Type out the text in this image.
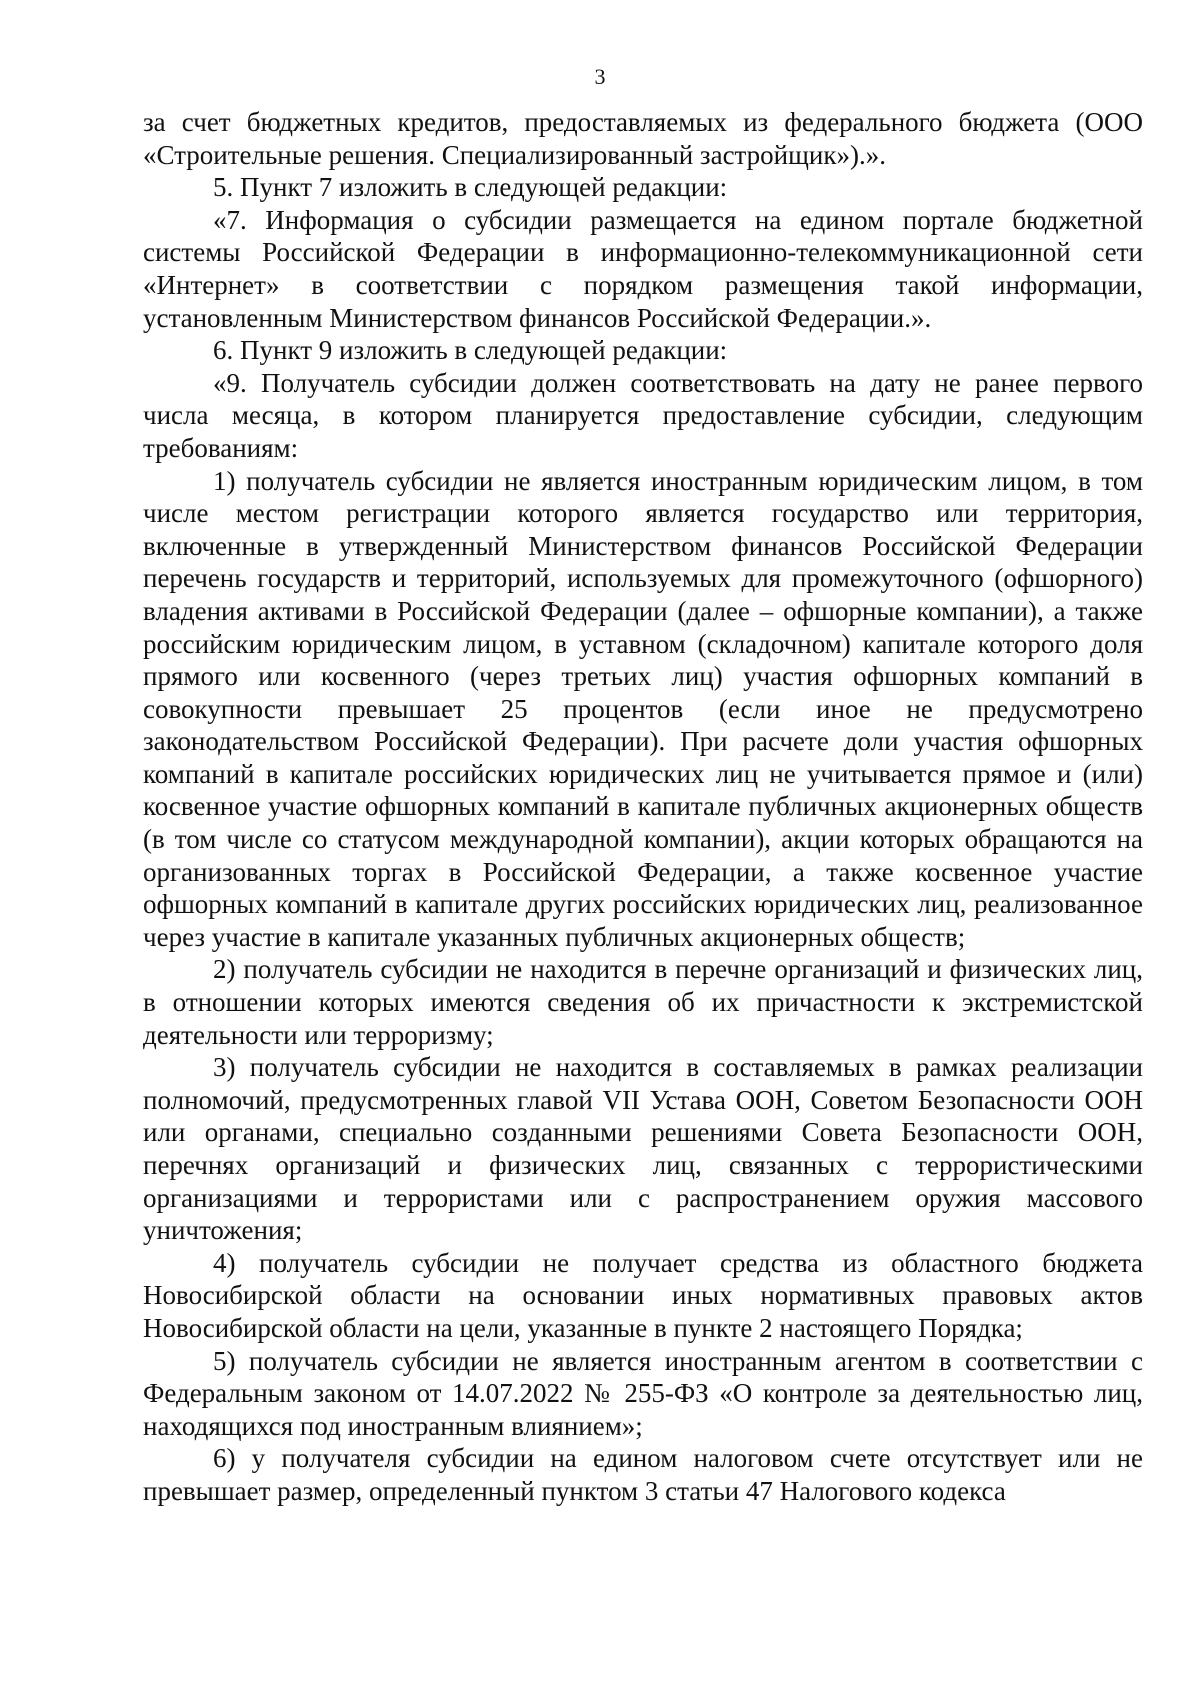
3

за счет бюджетных кредитов, предоставляемых из федерального бюджета (ООО «Строительные решения. Специализированный застройщик»).».

5. Пункт 7 изложить в следующей редакции:

«7. Информация о субсидии размещается на едином портале бюджетной системы Российской Федерации в информационно-телекоммуникационной сети «Интернет» в соответствии с порядком размещения такой информации, установленным Министерством финансов Российской Федерации.».

6. Пункт 9 изложить в следующей редакции:

«9. Получатель субсидии должен соответствовать на дату не ранее первого числа месяца, в котором планируется предоставление субсидии, следующим требованиям:

1) получатель субсидии не является иностранным юридическим лицом, в том числе местом регистрации которого является государство или территория, включенные в утвержденный Министерством финансов Российской Федерации перечень государств и территорий, используемых для промежуточного (офшорного) владения активами в Российской Федерации (далее – офшорные компании), а также российским юридическим лицом, в уставном (складочном) капитале которого доля прямого или косвенного (через третьих лиц) участия офшорных компаний в совокупности превышает 25 процентов (если иное не предусмотрено законодательством Российской Федерации). При расчете доли участия офшорных компаний в капитале российских юридических лиц не учитывается прямое и (или) косвенное участие офшорных компаний в капитале публичных акционерных обществ (в том числе со статусом международной компании), акции которых обращаются на организованных торгах в Российской Федерации, а также косвенное участие офшорных компаний в капитале других российских юридических лиц, реализованное через участие в капитале указанных публичных акционерных обществ;

2) получатель субсидии не находится в перечне организаций и физических лиц, в отношении которых имеются сведения об их причастности к экстремистской деятельности или терроризму;

3) получатель субсидии не находится в составляемых в рамках реализации полномочий, предусмотренных главой VII Устава ООН, Советом Безопасности ООН или органами, специально созданными решениями Совета Безопасности ООН, перечнях организаций и физических лиц, связанных с террористическими организациями и террористами или с распространением оружия массового уничтожения;

4) получатель субсидии не получает средства из областного бюджета Новосибирской области на основании иных нормативных правовых актов Новосибирской области на цели, указанные в пункте 2 настоящего Порядка;

5) получатель субсидии не является иностранным агентом в соответствии с Федеральным законом от 14.07.2022 № 255-ФЗ «О контроле за деятельностью лиц, находящихся под иностранным влиянием»;

6) у получателя субсидии на едином налоговом счете отсутствует или не превышает размер, определенный пунктом 3 статьи 47 Налогового кодекса
